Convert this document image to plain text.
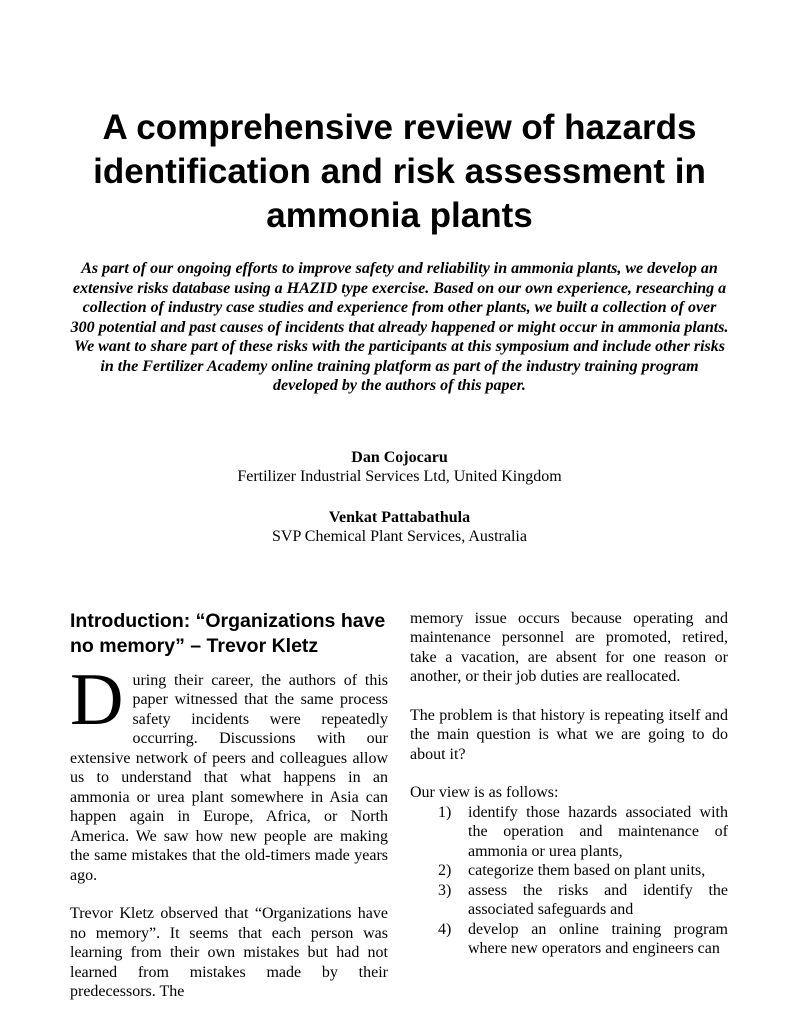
A comprehensive review of hazards
identification and risk assessment in
ammonia plants

As part of our ongoing efforts to improve safety and reliability in ammonia plants, we develop an extensive risks database using a HAZID type exercise. Based on our own experience, researching a collection of industry case studies and experience from other plants, we built a collection of over 300 potential and past causes of incidents that already happened or might occur in ammonia plants. We want to share part of these risks with the participants at this symposium and include other risks in the Fertilizer Academy online training platform as part of the industry training program developed by the authors of this paper.

Dan Cojocaru
Fertilizer Industrial Services Ltd, United Kingdom
Venkat Pattabathula
SVP Chemical Plant Services, Australia
Introduction: “Organizations have no memory” – Trevor Kletz

During their career, the authors of this paper witnessed that the same process safety incidents were repeatedly occurring. Discussions with our extensive network of peers and colleagues allow us to understand that what happens in an ammonia or urea plant somewhere in Asia can happen again in Europe, Africa, or North America. We saw how new people are making the same mistakes that the old-timers made years ago.

Trevor Kletz observed that “Organizations have no memory”. It seems that each person was learning from their own mistakes but had not learned from mistakes made by their predecessors. The

memory issue occurs because operating and maintenance personnel are promoted, retired, take a vacation, are absent for one reason or another, or their job duties are reallocated.

The problem is that history is repeating itself and the main question is what we are going to do about it?

Our view is as follows:

1)	identify those hazards associated with the operation and maintenance of ammonia or urea plants,
2)	categorize them based on plant units,
3)	assess the risks and identify the associated safeguards and
4)	develop an online training program where new operators and engineers can
